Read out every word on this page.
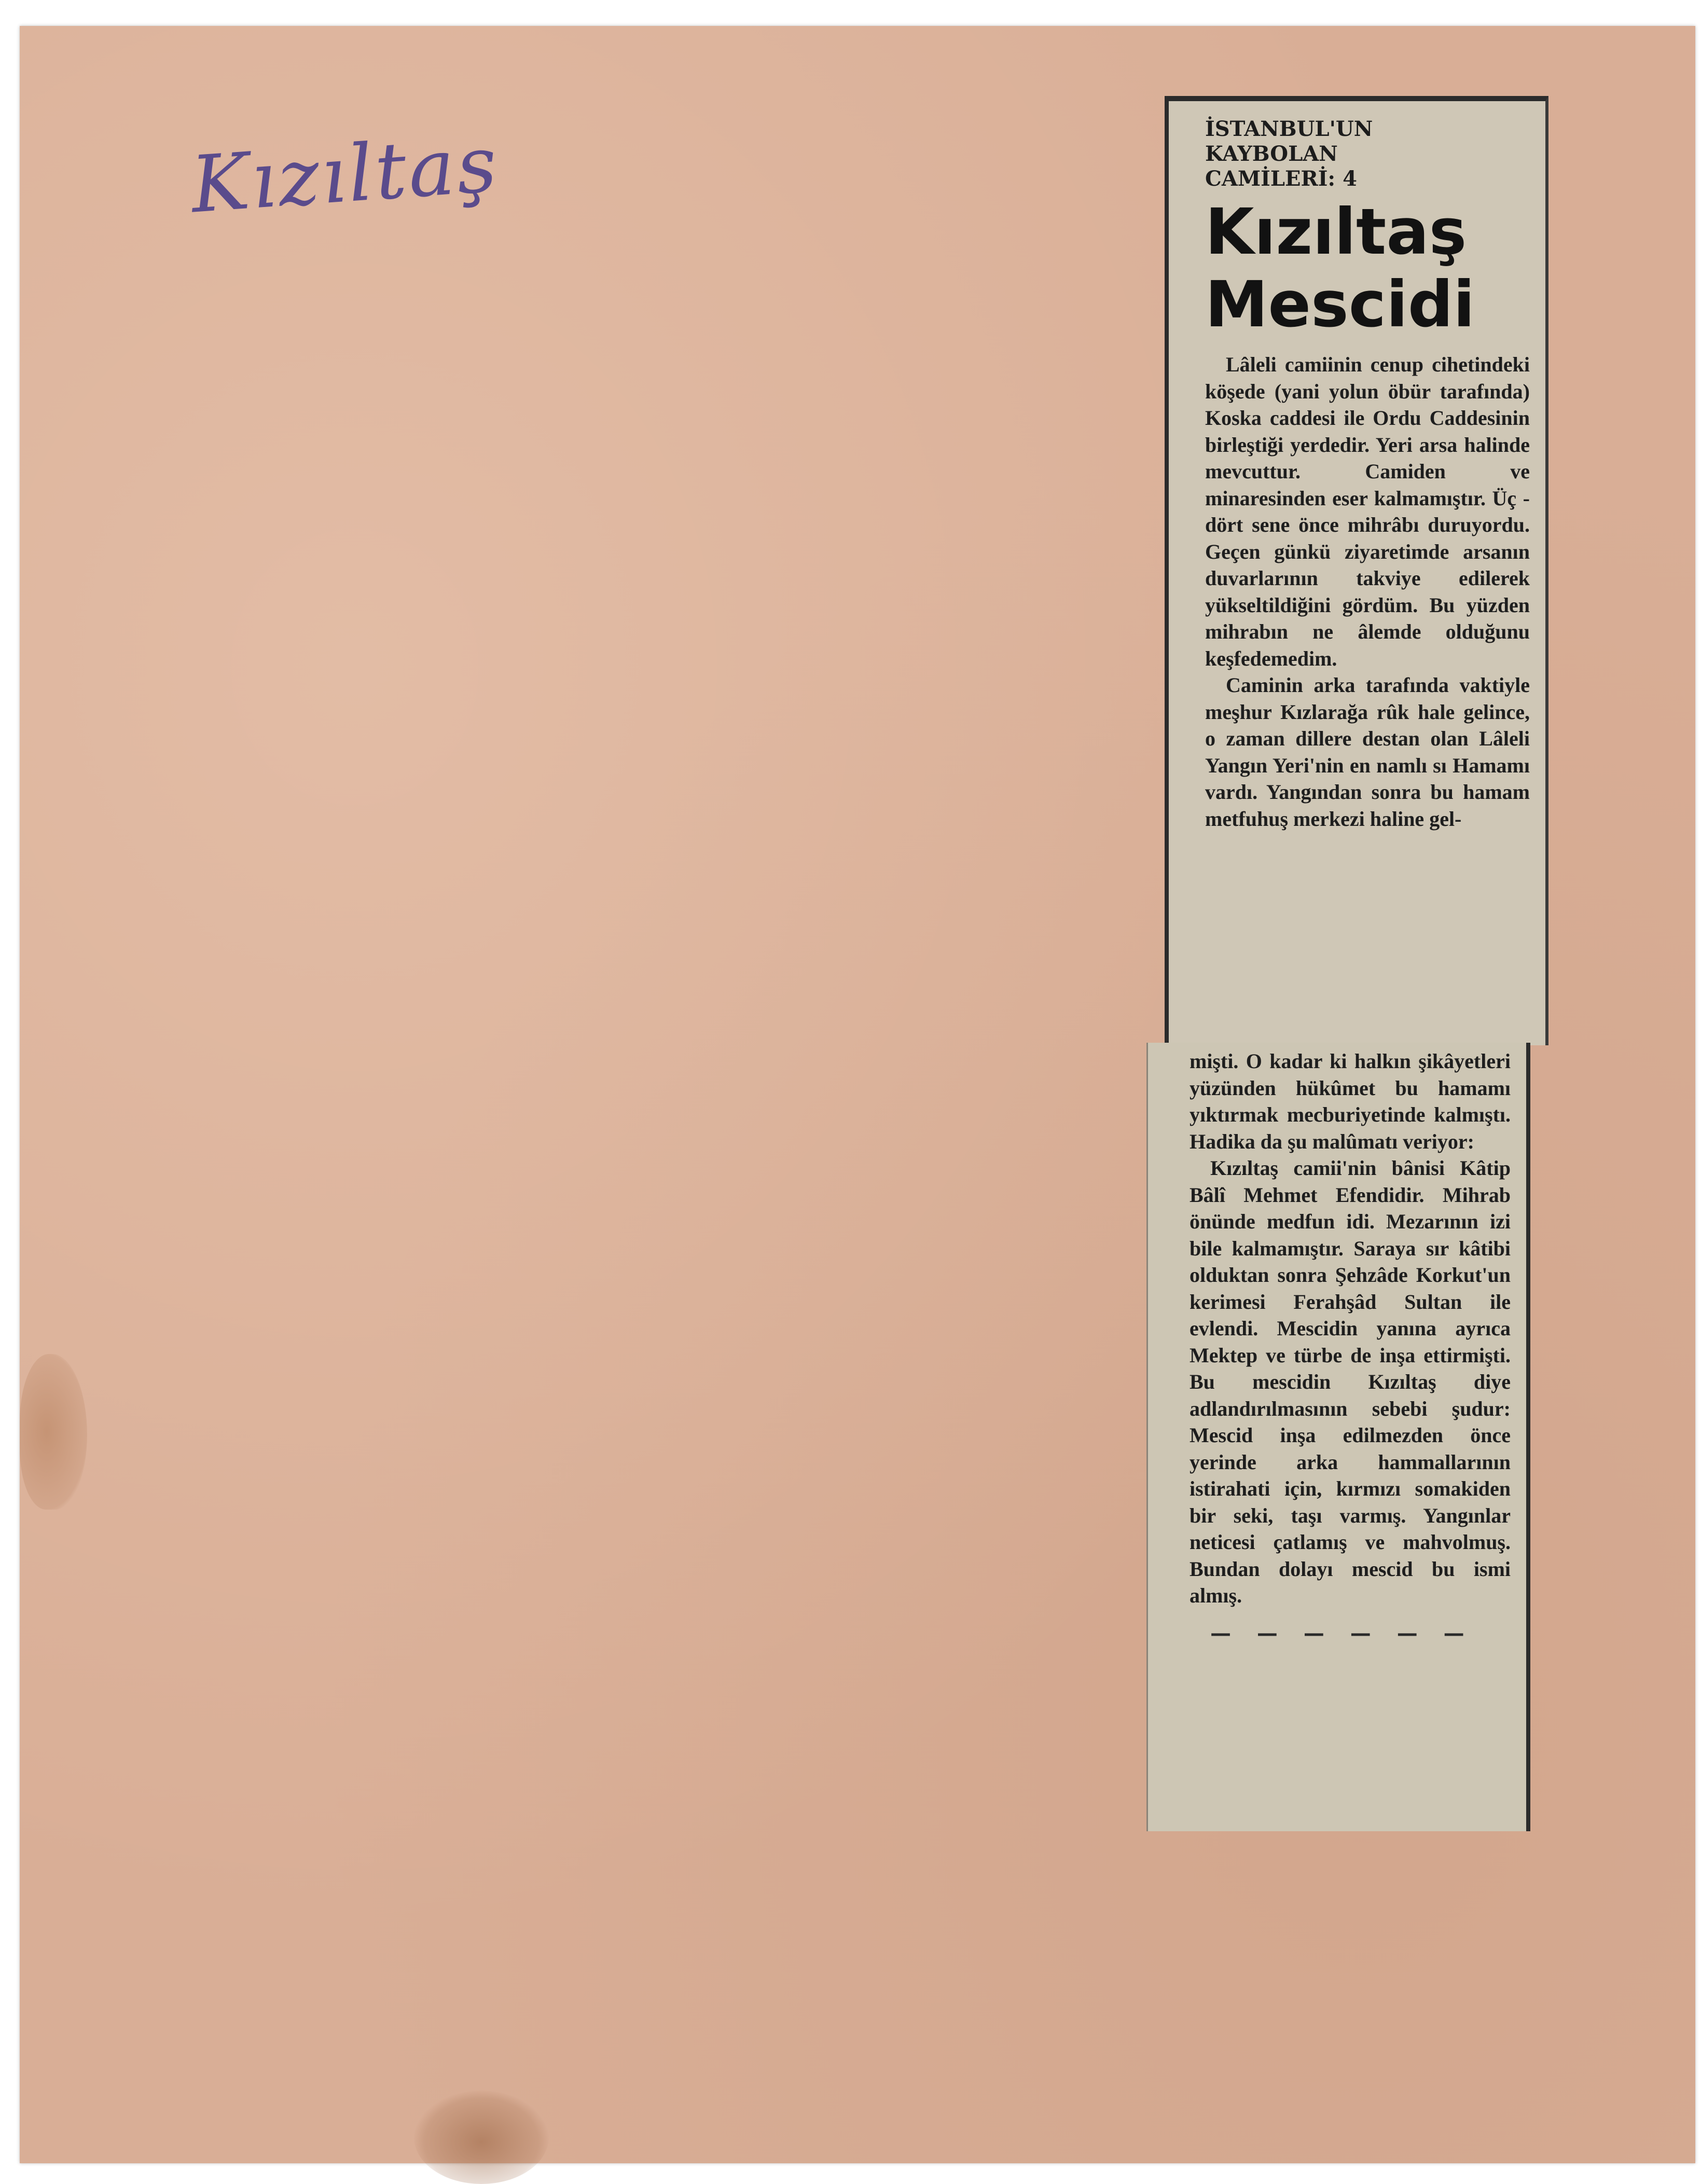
Kızıltaş	İSTANBUL'UN

KAYBOLAN

CAMİLERİ: 4

Kızıltaş
Mescidi

Lâleli camiinin cenup cihetindeki köşede (yani yolun öbür tarafında) Koska caddesi ile Ordu Caddesinin birleştiği yerdedir. Yeri arsa halinde mevcuttur. Camiden ve minaresinden eser kalmamıştır. Üç - dört sene önce mihrâbı duruyordu. Geçen günkü ziyaretimde arsanın duvarlarının takviye edilerek yükseltildiğini gördüm. Bu yüzden mihrabın ne âlemde olduğunu keşfedemedim.

Caminin arka tarafında vaktiyle meşhur Kızlarağa rûk hale gelince, o zaman dillere destan olan Lâleli Yangın Yeri'nin en namlı sı Hamamı vardı. Yangından sonra bu hamam metfuhuş merkezi haline gel-

mişti. O kadar ki halkın şikâyetleri yüzünden hükûmet bu hamamı yıktırmak mecburiyetinde kalmıştı. Hadika da şu malûmatı veriyor:

Kızıltaş camii'nin bânisi Kâtip Bâlî Mehmet Efendidir. Mihrab önünde medfun idi. Mezarının izi bile kalmamıştır. Saraya sır kâtibi olduktan sonra Şehzâde Korkut'un kerimesi Ferahşâd Sultan ile evlendi. Mescidin yanına ayrıca Mektep ve türbe de inşa ettirmişti. Bu mescidin Kızıltaş diye adlandırılmasının sebebi şudur: Mescid inşa edilmezden önce yerinde arka hammallarının istirahati için, kırmızı somakiden bir seki, taşı varmış. Yangınlar neticesi çatlamış ve mahvolmuş. Bundan dolayı mescid bu ismi almış.

— — — — — —
